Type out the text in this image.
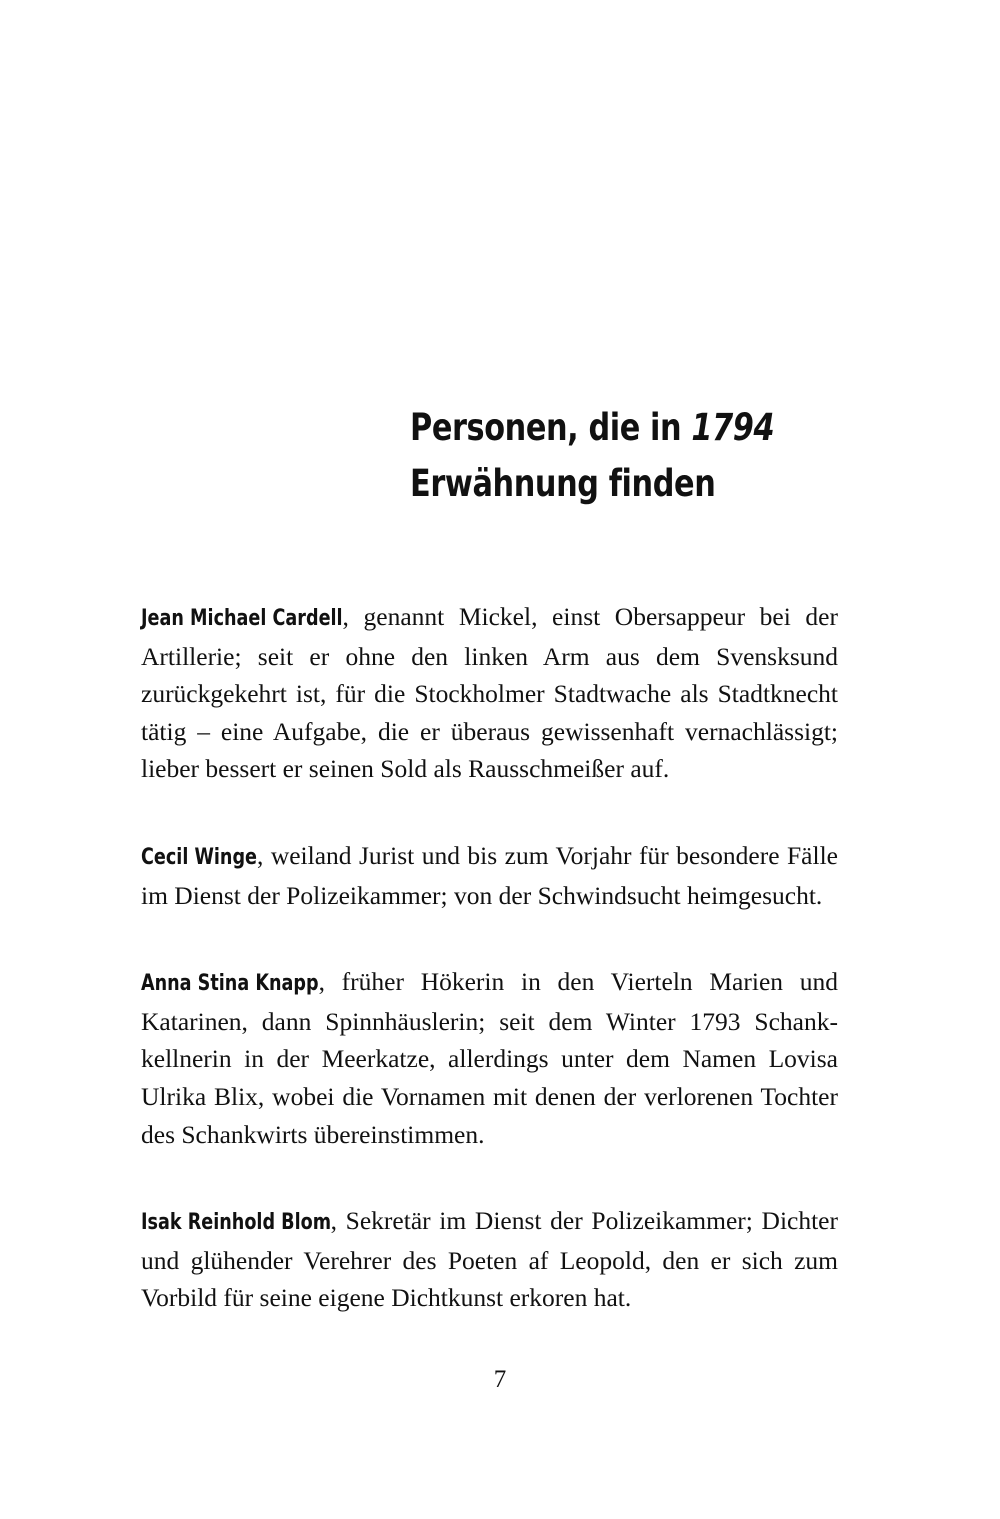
Personen, die in 1794
Erwähnung finden

Jean Michael Cardell, genannt Mickel, einst Obersappeur bei der Artillerie; seit er ohne den linken Arm aus dem Svensksund zurückgekehrt ist, für die Stockholmer Stadtwache als Stadtknecht tätig – eine Aufgabe, die er überaus gewissenhaft vernachlässigt; lieber bessert er seinen Sold als Rausschmeißer auf.

Cecil Winge, weiland Jurist und bis zum Vorjahr für besondere Fälle im Dienst der Polizeikammer; von der Schwindsucht heimgesucht.

Anna Stina Knapp, früher Hökerin in den Vierteln Marien und Katarinen, dann Spinnhäuslerin; seit dem Winter 1793 Schankkellnerin in der Meerkatze, allerdings unter dem Namen Lovisa Ulrika Blix, wobei die Vornamen mit denen der verlorenen Tochter des Schankwirts übereinstimmen.

Isak Reinhold Blom, Sekretär im Dienst der Polizeikammer; Dichter und glühender Verehrer des Poeten af Leopold, den er sich zum Vorbild für seine eigene Dichtkunst erkoren hat.

7
